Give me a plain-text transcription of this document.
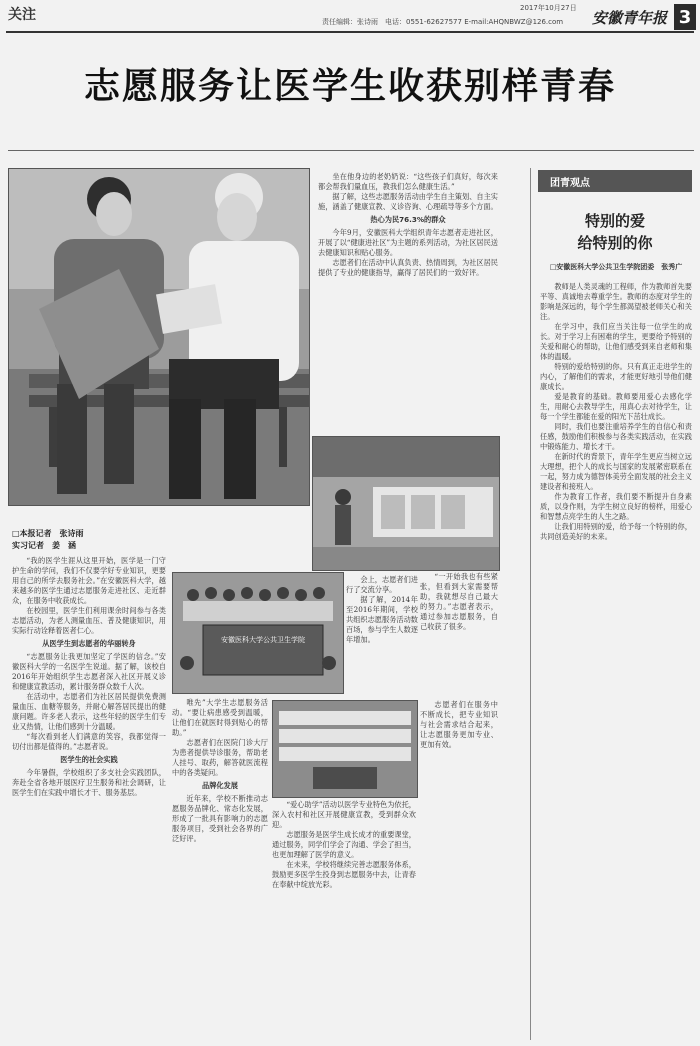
关注	2017年10月27日
责任编辑：张诗雨　电话：0551-62627577 E-mail:AHQNBWZ@126.com 安徽青年报 3
志愿服务让医学生收获别样青春
□本报记者　张诗雨
实习记者　姜　涵

“我的医学生涯从这里开始，医学是一门守护生命的学问，我们不仅要学好专业知识，更要用自己的所学去服务社会。”在安徽医科大学，越来越多的医学生通过志愿服务走进社区、走近群众，在服务中收获成长。

在校园里，医学生们利用课余时间参与各类志愿活动，为老人测量血压、普及健康知识，用实际行动诠释着医者仁心。

从医学生到志愿者的华丽转身

“志愿服务让我更加坚定了学医的信念。”安徽医科大学的一名医学生说道。据了解，该校自2016年开始组织学生志愿者深入社区开展义诊和健康宣教活动，累计服务群众数千人次。

在活动中，志愿者们为社区居民提供免费测量血压、血糖等服务，并耐心解答居民提出的健康问题。许多老人表示，这些年轻的医学生们专业又热情，让他们感到十分温暖。

“每次看到老人们满意的笑容，我都觉得一切付出都是值得的。”志愿者说。

医学生的社会实践

今年暑假，学校组织了多支社会实践团队，奔赴全省各地开展医疗卫生服务和社会调研，让医学生们在实践中增长才干、服务基层。

坐在他身边的老奶奶说：“这些孩子们真好，每次来都会帮我们量血压，教我们怎么健康生活。”

据了解，这些志愿服务活动由学生自主策划、自主实施，涵盖了健康宣教、义诊咨询、心理疏导等多个方面。

热心为民76.3%的群众

今年9月，安徽医科大学组织青年志愿者走进社区，开展了以“健康进社区”为主题的系列活动，为社区居民送去健康知识和贴心服务。

志愿者们在活动中认真负责、热情周到，为社区居民提供了专业的健康指导，赢得了居民们的一致好评。

安徽医科大学公共卫生学院

会上，志愿者们进行了交流分享。

据了解，2014年至2016年期间，学校共组织志愿服务活动数百场，参与学生人数逐年增加。

“一开始我也有些紧张，但看到大家需要帮助，我就想尽自己最大的努力。”志愿者表示，通过参加志愿服务，自己收获了很多。

唯先”大学生志愿服务活动。“要让病患感受到温暖，让他们在就医时得到贴心的帮助。”

志愿者们在医院门诊大厅为患者提供导诊服务，帮助老人挂号、取药，解答就医流程中的各类疑问。

品牌化发展

近年来，学校不断推动志愿服务品牌化、常态化发展，形成了一批具有影响力的志愿服务项目，受到社会各界的广泛好评。

志愿者们在服务中不断成长，把专业知识与社会需求结合起来，让志愿服务更加专业、更加有效。

“爱心助学”活动以医学专业特色为依托，深入农村和社区开展健康宣教，受到群众欢迎。

志愿服务是医学生成长成才的重要课堂，通过服务，同学们学会了沟通、学会了担当，也更加理解了医学的意义。

在未来，学校将继续完善志愿服务体系，鼓励更多医学生投身到志愿服务中去，让青春在奉献中绽放光彩。

团青观点
特别的爱
给特别的你
□安徽医科大学公共卫生学院团委　张秀广

教师是人类灵魂的工程师，作为教师首先要平等、真诚地去尊重学生。教师的态度对学生的影响是深远的，每个学生都渴望被老师关心和关注。

在学习中，我们应当关注每一位学生的成长。对于学习上有困难的学生，更要给予特别的关爱和耐心的帮助，让他们感受到来自老师和集体的温暖。

特别的爱给特别的你。只有真正走进学生的内心，了解他们的需求，才能更好地引导他们健康成长。

爱是教育的基础。教师要用爱心去感化学生，用耐心去教导学生，用真心去对待学生，让每一个学生都能在爱的阳光下茁壮成长。

同时，我们也要注重培养学生的自信心和责任感，鼓励他们积极参与各类实践活动，在实践中锻炼能力、增长才干。

在新时代的背景下，青年学生更应当树立远大理想，把个人的成长与国家的发展紧密联系在一起，努力成为德智体美劳全面发展的社会主义建设者和接班人。

作为教育工作者，我们要不断提升自身素质，以身作则，为学生树立良好的榜样，用爱心和智慧点亮学生的人生之路。

让我们用特别的爱，给予每一个特别的你，共同创造美好的未来。
